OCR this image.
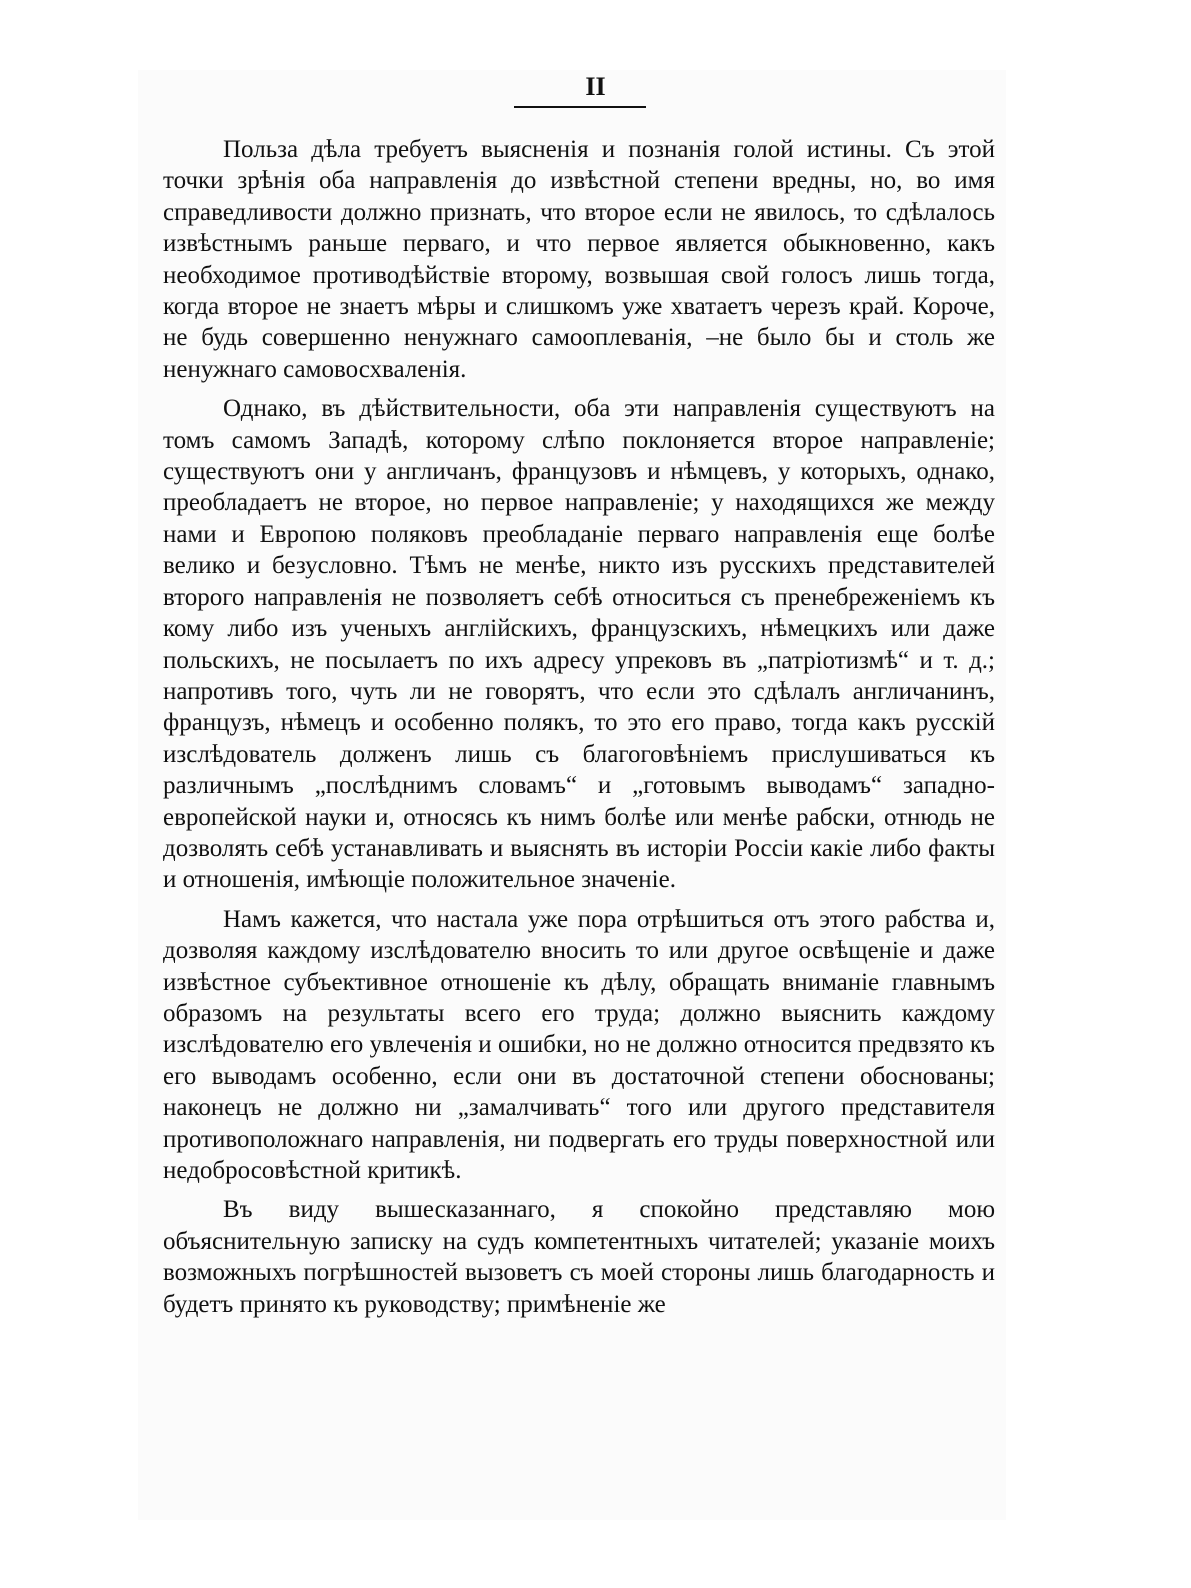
II

Польза дѣла требуетъ выясненія и познанія голой истины. Съ этой точки зрѣнія оба направленія до извѣстной степени вредны, но, во имя справедливости должно признать, что второе если не явилось, то сдѣлалось извѣстнымъ раньше перваго, и что первое является обыкновенно, какъ необходимое противодѣйствіе второму, возвышая свой голосъ лишь тогда, когда второе не знаетъ мѣры и слишкомъ уже хватаетъ черезъ край. Короче, не будь совершенно ненужнаго самооплеванія, –не было бы и столь же ненужнаго самовосхваленія.

Однако, въ дѣйствительности, оба эти направленія существуютъ на томъ самомъ Западѣ, которому слѣпо поклоняется второе направленіе; существуютъ они у англичанъ, французовъ и нѣмцевъ, у которыхъ, однако, преобладаетъ не второе, но первое направленіе; у находящихся же между нами и Европою поляковъ преобладаніе перваго направленія еще болѣе велико и безусловно. Тѣмъ не менѣе, никто изъ русскихъ представителей второго направленія не позволяетъ себѣ относиться съ пренебреженіемъ къ кому либо изъ ученыхъ англійскихъ, французскихъ, нѣмецкихъ или даже польскихъ, не посылаетъ по ихъ адресу упрековъ въ „патріотизмѣ“ и т. д.; напротивъ того, чуть ли не говорятъ, что если это сдѣлалъ англичанинъ, французъ, нѣмецъ и особенно полякъ, то это его право, тогда какъ русскій изслѣдователь долженъ лишь съ благоговѣніемъ прислушиваться къ различнымъ „послѣднимъ словамъ“ и „готовымъ выводамъ“ западно-европейской науки и, относясь къ нимъ болѣе или менѣе рабски, отнюдь не дозволять себѣ устанавливать и выяснять въ исторіи Россіи какіе либо факты и отношенія, имѣющіе положительное значеніе.

Намъ кажется, что настала уже пора отрѣшиться отъ этого рабства и, дозволяя каждому изслѣдователю вносить то или другое освѣщеніе и даже извѣстное субъективное отношеніе къ дѣлу, обращать вниманіе главнымъ образомъ на результаты всего его труда; должно выяснить каждому изслѣдователю его увлеченія и ошибки, но не должно относится предвзято къ его выводамъ особенно, если они въ достаточной степени обоснованы; наконецъ не должно ни „замалчивать“ того или другого представителя противоположнаго направленія, ни подвергать его труды поверхностной или недобросовѣстной критикѣ.

Въ виду вышесказаннаго, я спокойно представляю мою объяснительную записку на судъ компетентныхъ читателей; указаніе моихъ возможныхъ погрѣшностей вызоветъ съ моей стороны лишь благодарность и будетъ принято къ руководству; примѣненіе же
